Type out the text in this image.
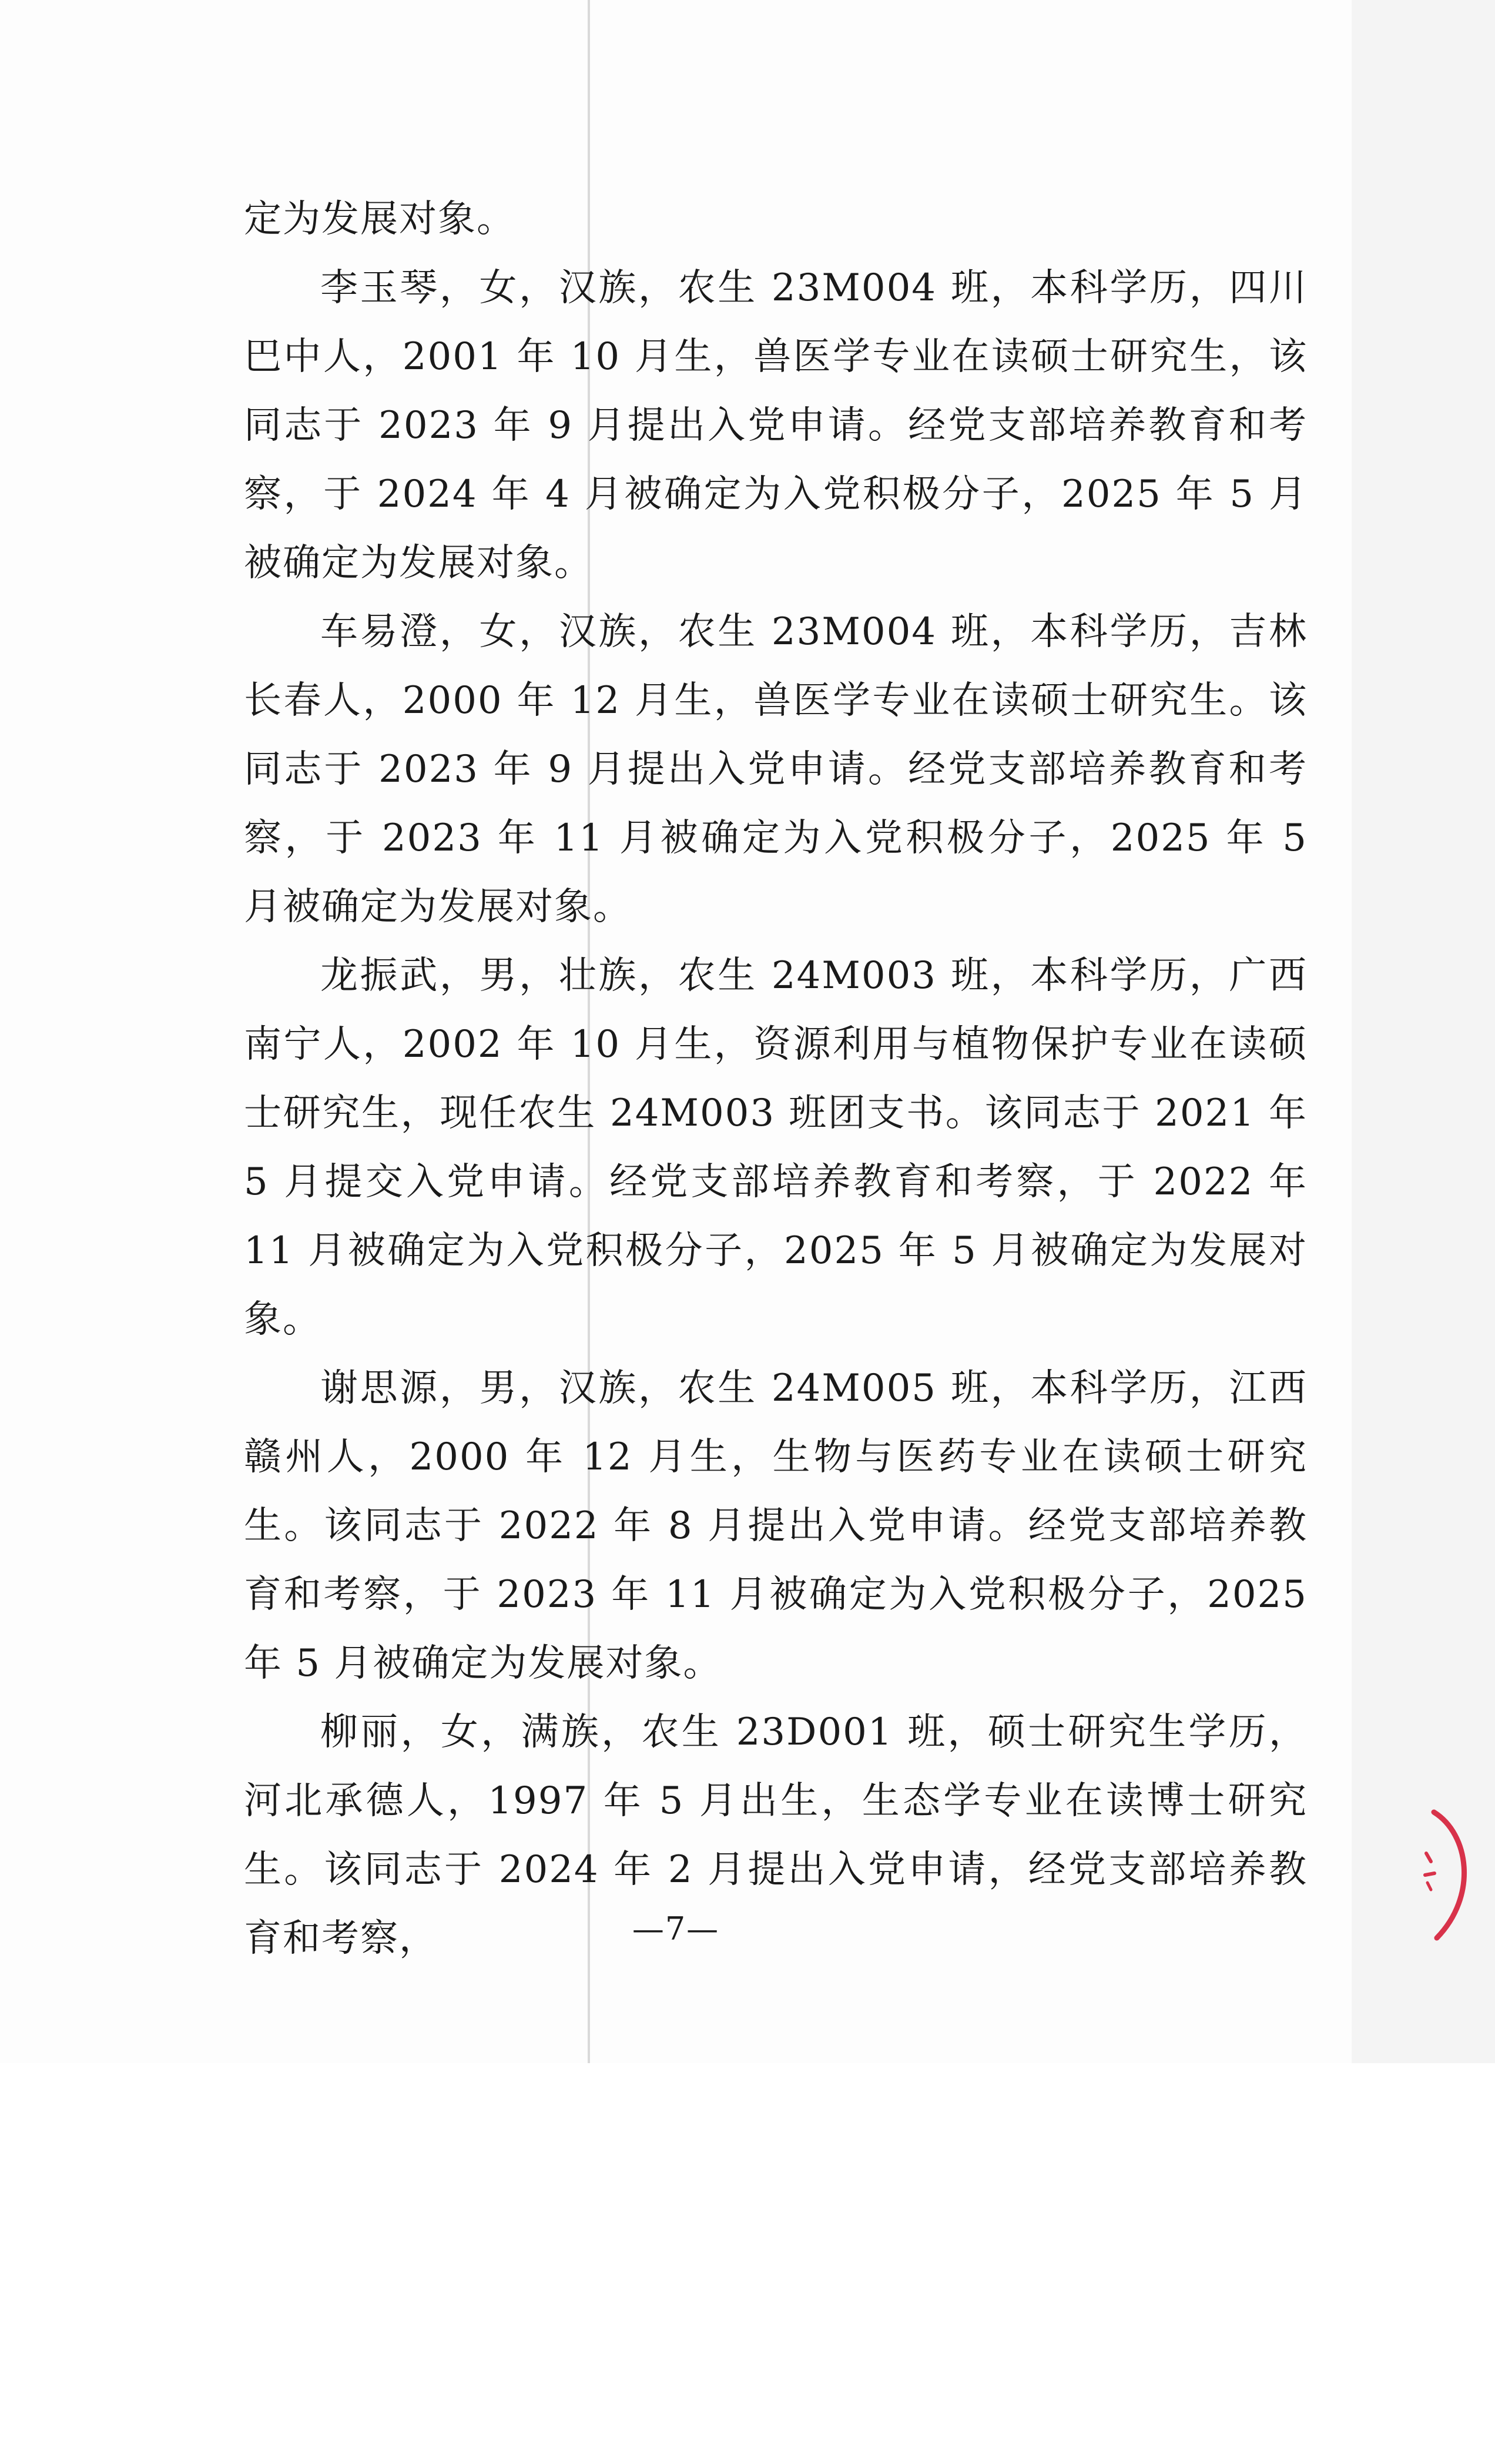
定为发展对象。

李玉琴，女，汉族，农生 23M004 班，本科学历，四川巴中人，2001 年 10 月生，兽医学专业在读硕士研究生，该同志于 2023 年 9 月提出入党申请。经党支部培养教育和考察，于 2024 年 4 月被确定为入党积极分子，2025 年 5 月被确定为发展对象。

车易澄，女，汉族，农生 23M004 班，本科学历，吉林长春人，2000 年 12 月生，兽医学专业在读硕士研究生。该同志于 2023 年 9 月提出入党申请。经党支部培养教育和考察，于 2023 年 11 月被确定为入党积极分子，2025 年 5 月被确定为发展对象。

龙振武，男，壮族，农生 24M003 班，本科学历，广西南宁人，2002 年 10 月生，资源利用与植物保护专业在读硕士研究生，现任农生 24M003 班团支书。该同志于 2021 年 5 月提交入党申请。经党支部培养教育和考察，于 2022 年 11 月被确定为入党积极分子，2025 年 5 月被确定为发展对象。

谢思源，男，汉族，农生 24M005 班，本科学历，江西赣州人，2000 年 12 月生，生物与医药专业在读硕士研究生。该同志于 2022 年 8 月提出入党申请。经党支部培养教育和考察，于 2023 年 11 月被确定为入党积极分子，2025 年 5 月被确定为发展对象。

柳丽，女，满族，农生 23D001 班，硕士研究生学历，河北承德人，1997 年 5 月出生，生态学专业在读博士研究生。该同志于 2024 年 2 月提出入党申请，经党支部培养教育和考察，	—7—
